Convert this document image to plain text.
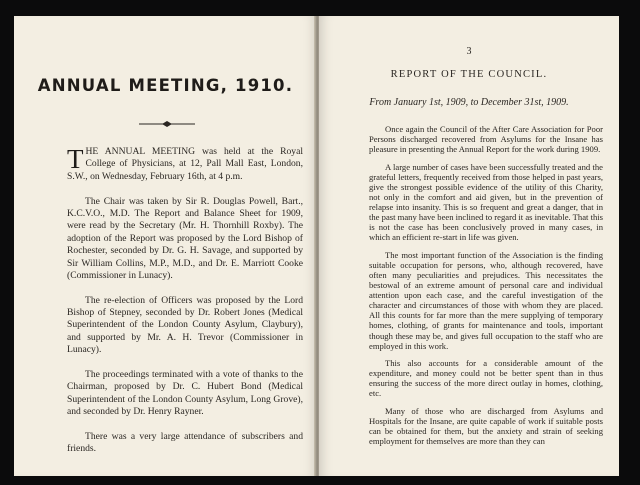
ANNUAL MEETING, 1910.

THE ANNUAL MEETING was held at the Royal College of Physicians, at 12, Pall Mall East, London, S.W., on Wednesday, February 16th, at 4 p.m.

The Chair was taken by Sir R. Douglas Powell, Bart., K.C.V.O., M.D. The Report and Balance Sheet for 1909, were read by the Secretary (Mr. H. Thornhill Roxby). The adoption of the Report was proposed by the Lord Bishop of Rochester, seconded by Dr. G. H. Savage, and supported by Sir William Collins, M.P., M.D., and Dr. E. Marriott Cooke (Commissioner in Lunacy).

The re-election of Officers was proposed by the Lord Bishop of Stepney, seconded by Dr. Robert Jones (Medical Superintendent of the London County Asylum, Claybury), and supported by Mr. A. H. Trevor (Commissioner in Lunacy).

The proceedings terminated with a vote of thanks to the Chairman, proposed by Dr. C. Hubert Bond (Medical Superintendent of the London County Asylum, Long Grove), and seconded by Dr. Henry Rayner.

There was a very large attendance of subscribers and friends.

3
REPORT OF THE COUNCIL.
From January 1st, 1909, to December 31st, 1909.

Once again the Council of the After Care Association for Poor Persons discharged recovered from Asylums for the Insane has pleasure in presenting the Annual Report for the work during 1909.

A large number of cases have been successfully treated and the grateful letters, frequently received from those helped in past years, give the strongest possible evidence of the utility of this Charity, not only in the comfort and aid given, but in the prevention of relapse into insanity. This is so frequent and great a danger, that in the past many have been inclined to regard it as inevitable. That this is not the case has been conclusively proved in many cases, in which an efficient re-start in life was given.

The most important function of the Association is the finding suitable occupation for persons, who, although recovered, have often many peculiarities and prejudices. This necessitates the bestowal of an extreme amount of personal care and individual attention upon each case, and the careful investigation of the character and circumstances of those with whom they are placed. All this counts for far more than the mere supplying of temporary homes, clothing, of grants for maintenance and tools, important though these may be, and gives full occupation to the staff who are employed in this work.

This also accounts for a considerable amount of the expenditure, and money could not be better spent than in thus ensuring the success of the more direct outlay in homes, clothing, etc.

Many of those who are discharged from Asylums and Hospitals for the Insane, are quite capable of work if suitable posts can be obtained for them, but the anxiety and strain of seeking employment for themselves are more than they can
